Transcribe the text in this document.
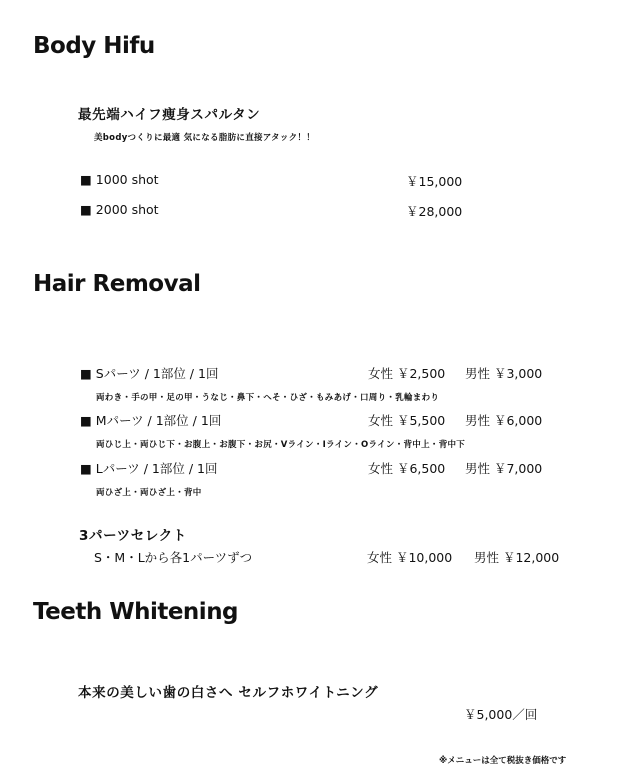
Body Hifu
最先端ハイフ痩身スパルタン
美bodyつくりに最適 気になる脂肪に直接アタック！！
■ 1000 shot	￥15,000
■ 2000 shot	￥28,000
Hair Removal
■ Sパーツ / 1部位 / 1回	女性 ￥2,500 男性 ￥3,000
両わき・手の甲・足の甲・うなじ・鼻下・へそ・ひざ・もみあげ・口周り・乳輪まわり
■ Mパーツ / 1部位 / 1回	女性 ￥5,500 男性 ￥6,000
両ひじ上・両ひじ下・お腹上・お腹下・お尻・Vライン・Iライン・Oライン・背中上・背中下
■ Lパーツ / 1部位 / 1回	女性 ￥6,500 男性 ￥7,000
両ひざ上・両ひざ上・背中
3パーツセレクト
S・M・Lから各1パーツずつ	女性 ￥10,000 男性 ￥12,000
Teeth Whitening
本来の美しい歯の白さへ セルフホワイトニング
￥5,000／回
※メニューは全て税抜き価格です
